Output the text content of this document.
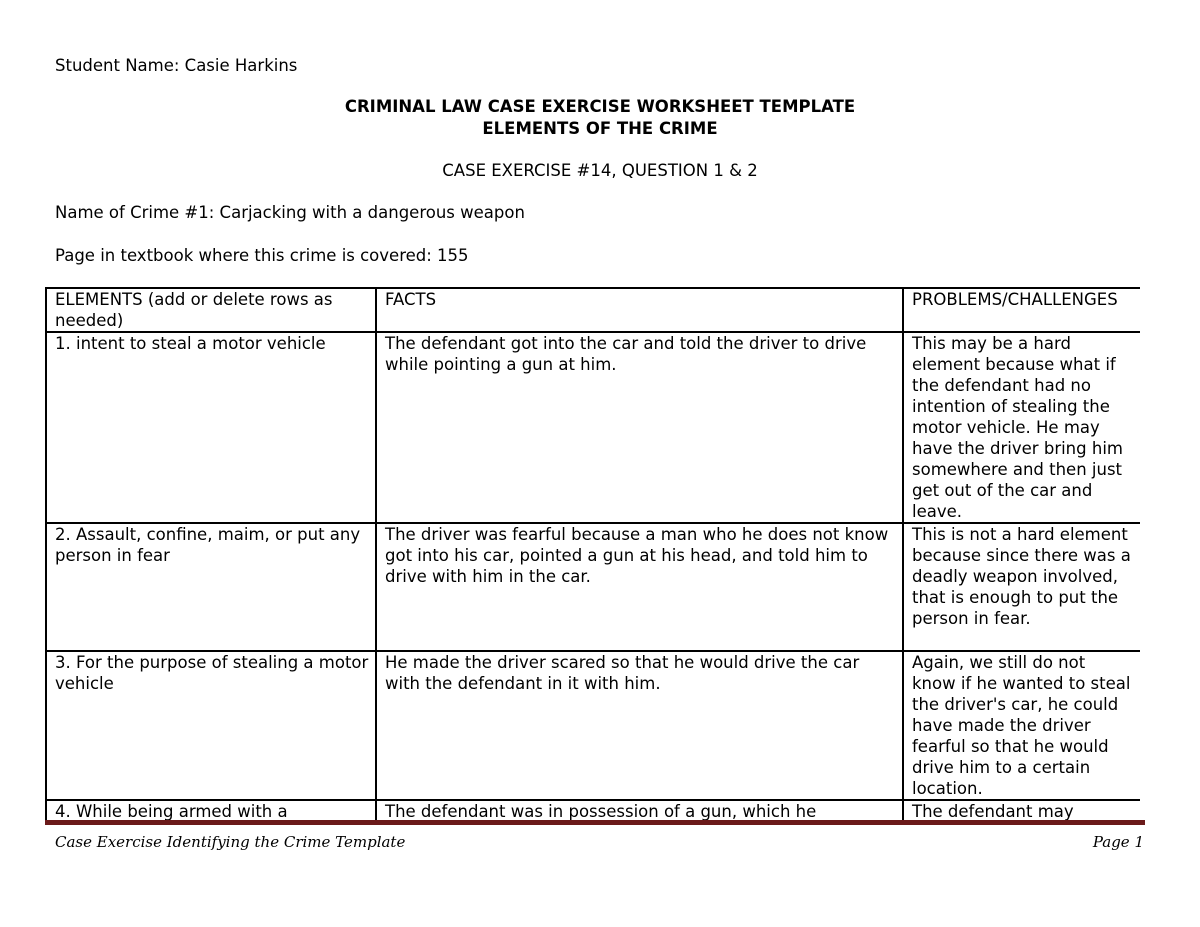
Student Name: Casie Harkins
CRIMINAL LAW CASE EXERCISE WORKSHEET TEMPLATE
ELEMENTS OF THE CRIME
CASE EXERCISE #14, QUESTION 1 & 2
Name of Crime #1: Carjacking with a dangerous weapon
Page in textbook where this crime is covered: 155
ELEMENTS (add or delete rows as needed)	FACTS	PROBLEMS/CHALLENGES
1. intent to steal a motor vehicle	The defendant got into the car and told the driver to drive while pointing a gun at him.	This may be a hard element because what if the defendant had no intention of stealing the motor vehicle. He may have the driver bring him somewhere and then just get out of the car and leave.
2. Assault, confine, maim, or put any person in fear	The driver was fearful because a man who he does not know got into his car, pointed a gun at his head, and told him to drive with him in the car.	This is not a hard element because since there was a deadly weapon involved, that is enough to put the person in fear.
3. For the purpose of stealing a motor vehicle	He made the driver scared so that he would drive the car with the defendant in it with him.	Again, we still do not know if he wanted to steal the driver's car, he could have made the driver fearful so that he would drive him to a certain location.
4. While being armed with a	The defendant was in possession of a gun, which he	The defendant may
Case Exercise Identifying the Crime Template	Page 1
